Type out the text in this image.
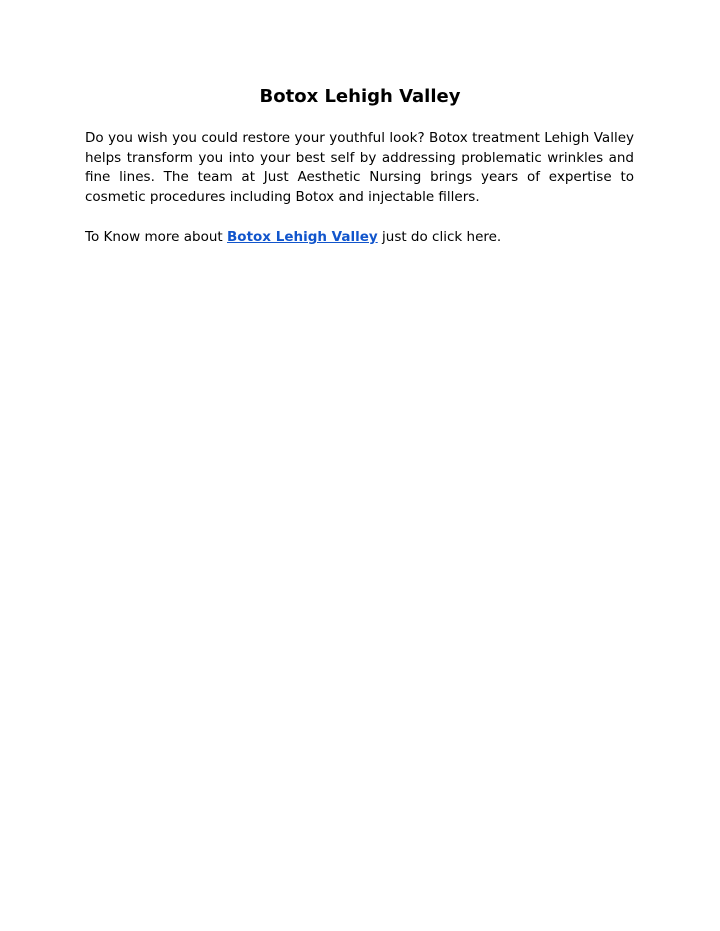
Botox Lehigh Valley

Do you wish you could restore your youthful look? Botox treatment Lehigh Valley helps transform you into your best self by addressing problematic wrinkles and fine lines. The team at Just Aesthetic Nursing brings years of expertise to cosmetic procedures including Botox and injectable fillers.

To Know more about Botox Lehigh Valley just do click here.
